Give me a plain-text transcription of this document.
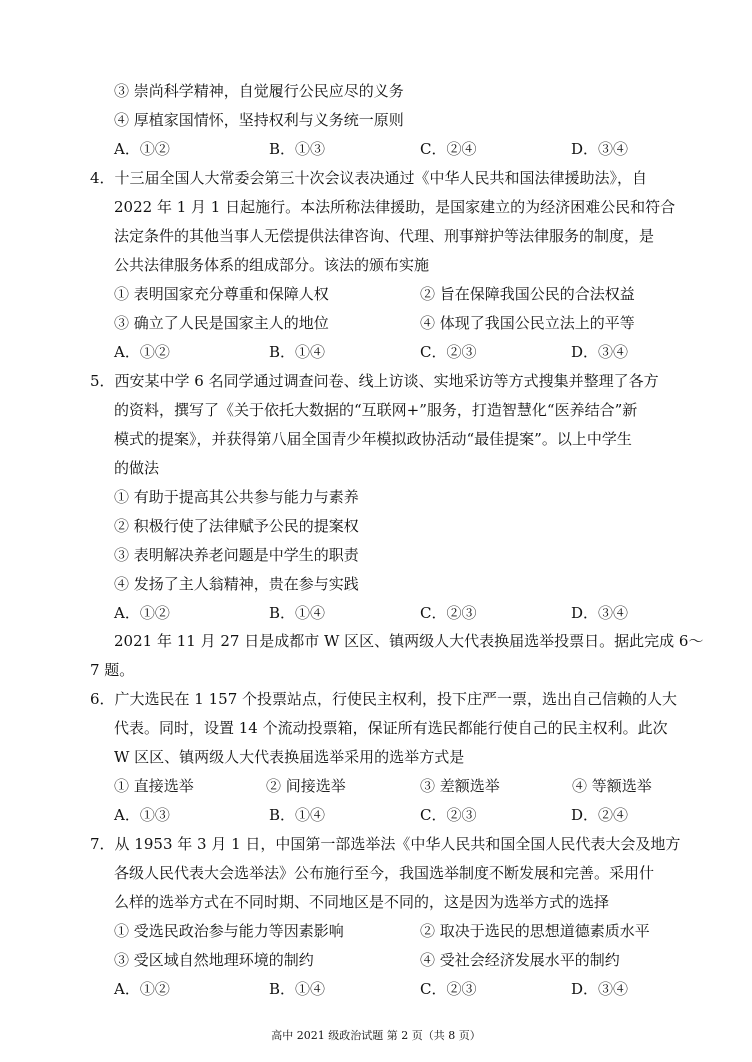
③ 崇尚科学精神，自觉履行公民应尽的义务
④ 厚植家国情怀，坚持权利与义务统一原则
A．①②	B．①③	C．②④	D．③④
4．十三届全国人大常委会第三十次会议表决通过《中华人民共和国法律援助法》，自
2022 年 1 月 1 日起施行。本法所称法律援助，是国家建立的为经济困难公民和符合
法定条件的其他当事人无偿提供法律咨询、代理、刑事辩护等法律服务的制度，是
公共法律服务体系的组成部分。该法的颁布实施
① 表明国家充分尊重和保障人权	② 旨在保障我国公民的合法权益
③ 确立了人民是国家主人的地位	④ 体现了我国公民立法上的平等
A．①②	B．①④	C．②③	D．③④
5．西安某中学 6 名同学通过调查问卷、线上访谈、实地采访等方式搜集并整理了各方
的资料，撰写了《关于依托大数据的“互联网+”服务，打造智慧化“医养结合”新
模式的提案》，并获得第八届全国青少年模拟政协活动“最佳提案”。以上中学生
的做法
① 有助于提高其公共参与能力与素养
② 积极行使了法律赋予公民的提案权
③ 表明解决养老问题是中学生的职责
④ 发扬了主人翁精神，贵在参与实践
A．①②	B．①④	C．②③	D．③④
2021 年 11 月 27 日是成都市 W 区区、镇两级人大代表换届选举投票日。据此完成 6～
7 题。
6．广大选民在 1 157 个投票站点，行使民主权利，投下庄严一票，选出自己信赖的人大
代表。同时，设置 14 个流动投票箱，保证所有选民都能行使自己的民主权利。此次
W 区区、镇两级人大代表换届选举采用的选举方式是
① 直接选举	② 间接选举	③ 差额选举	④ 等额选举
A．①③	B．①④	C．②③	D．②④
7．从 1953 年 3 月 1 日，中国第一部选举法《中华人民共和国全国人民代表大会及地方
各级人民代表大会选举法》公布施行至今，我国选举制度不断发展和完善。采用什
么样的选举方式在不同时期、不同地区是不同的，这是因为选举方式的选择
① 受选民政治参与能力等因素影响	② 取决于选民的思想道德素质水平
③ 受区域自然地理环境的制约	④ 受社会经济发展水平的制约
A．①②	B．①④	C．②③	D．③④
高中 2021 级政治试题 第 2 页（共 8 页）
